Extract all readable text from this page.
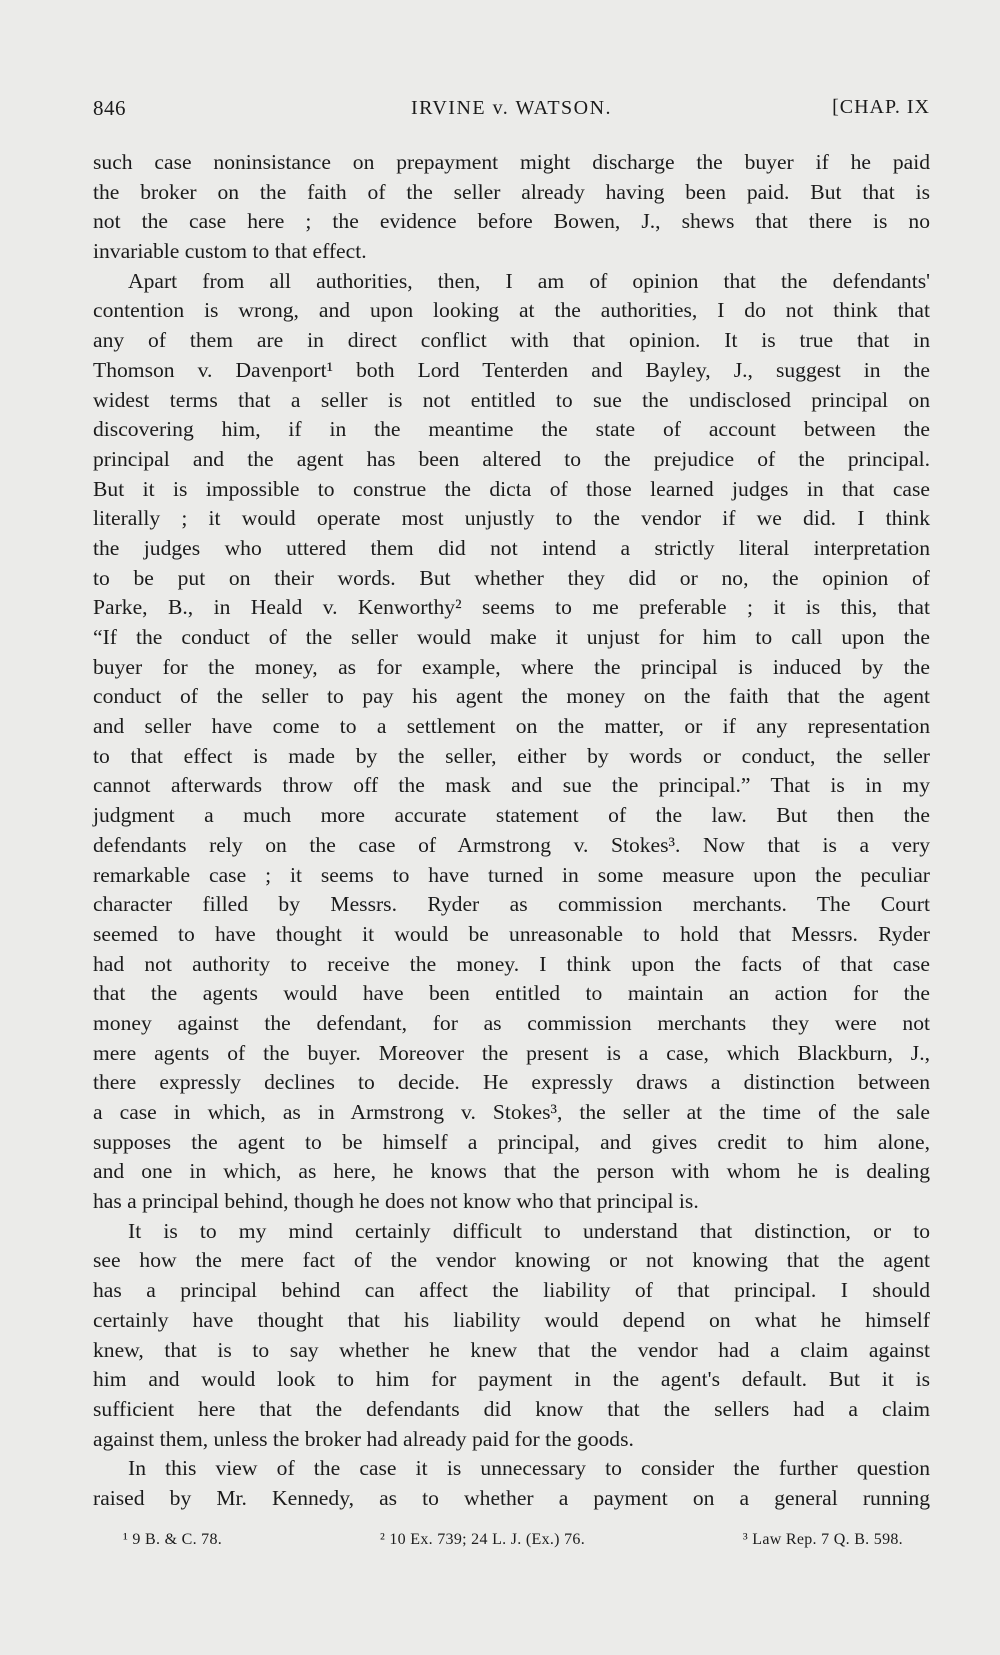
846	IRVINE v. WATSON.	[CHAP. IX
such case noninsistance on prepayment might discharge the buyer if he paid
the broker on the faith of the seller already having been paid. But that is
not the case here ; the evidence before Bowen, J., shews that there is no
invariable custom to that effect.
Apart from all authorities, then, I am of opinion that the defendants'
contention is wrong, and upon looking at the authorities, I do not think that
any of them are in direct conflict with that opinion. It is true that in
Thomson v. Davenport¹ both Lord Tenterden and Bayley, J., suggest in the
widest terms that a seller is not entitled to sue the undisclosed principal on
discovering him, if in the meantime the state of account between the
principal and the agent has been altered to the prejudice of the principal.
But it is impossible to construe the dicta of those learned judges in that case
literally ; it would operate most unjustly to the vendor if we did. I think
the judges who uttered them did not intend a strictly literal interpretation
to be put on their words. But whether they did or no, the opinion of
Parke, B., in Heald v. Kenworthy² seems to me preferable ; it is this, that
“If the conduct of the seller would make it unjust for him to call upon the
buyer for the money, as for example, where the principal is induced by the
conduct of the seller to pay his agent the money on the faith that the agent
and seller have come to a settlement on the matter, or if any representation
to that effect is made by the seller, either by words or conduct, the seller
cannot afterwards throw off the mask and sue the principal.” That is in my
judgment a much more accurate statement of the law. But then the
defendants rely on the case of Armstrong v. Stokes³. Now that is a very
remarkable case ; it seems to have turned in some measure upon the peculiar
character filled by Messrs. Ryder as commission merchants. The Court
seemed to have thought it would be unreasonable to hold that Messrs. Ryder
had not authority to receive the money. I think upon the facts of that case
that the agents would have been entitled to maintain an action for the
money against the defendant, for as commission merchants they were not
mere agents of the buyer. Moreover the present is a case, which Blackburn, J.,
there expressly declines to decide. He expressly draws a distinction between
a case in which, as in Armstrong v. Stokes³, the seller at the time of the sale
supposes the agent to be himself a principal, and gives credit to him alone,
and one in which, as here, he knows that the person with whom he is dealing
has a principal behind, though he does not know who that principal is.
It is to my mind certainly difficult to understand that distinction, or to
see how the mere fact of the vendor knowing or not knowing that the agent
has a principal behind can affect the liability of that principal. I should
certainly have thought that his liability would depend on what he himself
knew, that is to say whether he knew that the vendor had a claim against
him and would look to him for payment in the agent's default. But it is
sufficient here that the defendants did know that the sellers had a claim
against them, unless the broker had already paid for the goods.
In this view of the case it is unnecessary to consider the further question
raised by Mr. Kennedy, as to whether a payment on a general running
¹ 9 B. & C. 78.	² 10 Ex. 739; 24 L. J. (Ex.) 76.	³ Law Rep. 7 Q. B. 598.
